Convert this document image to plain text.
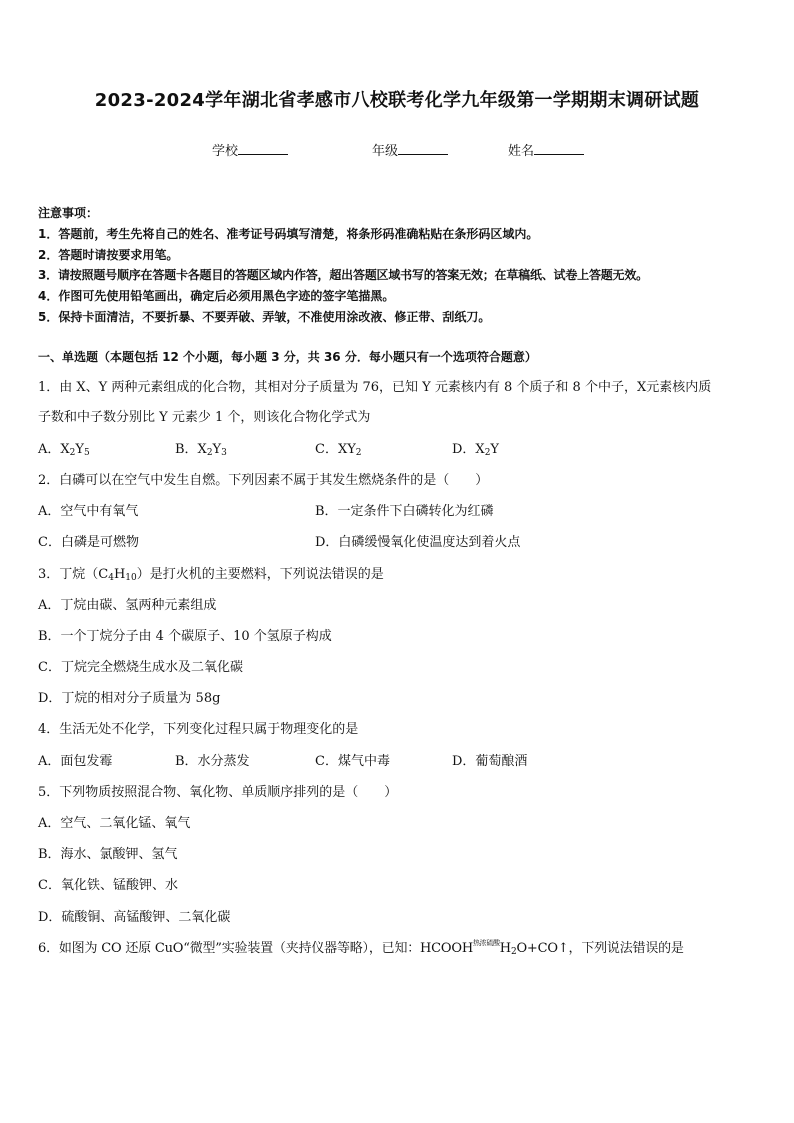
2023-2024学年湖北省孝感市八校联考化学九年级第一学期期末调研试题
学校	年级	姓名
注意事项：
1．答题前，考生先将自己的姓名、准考证号码填写清楚，将条形码准确粘贴在条形码区域内。
2．答题时请按要求用笔。
3．请按照题号顺序在答题卡各题目的答题区域内作答，超出答题区域书写的答案无效；在草稿纸、试卷上答题无效。
4．作图可先使用铅笔画出，确定后必须用黑色字迹的签字笔描黑。
5．保持卡面清洁，不要折暴、不要弄破、弄皱，不准使用涂改液、修正带、刮纸刀。
一、单选题（本题包括 12 个小题，每小题 3 分，共 36 分．每小题只有一个选项符合题意）
1．由 X、Y 两种元素组成的化合物，其相对分子质量为 76，已知 Y 元素核内有 8 个质子和 8 个中子，X元素核内质
子数和中子数分别比 Y 元素少 1 个，则该化合物化学式为
A．$X_2Y_5$	B．$X_2Y_3$	C．$XY_2$	D．$X_2Y$
2．白磷可以在空气中发生自燃。下列因素不属于其发生燃烧条件的是（　　）
A．空气中有氧气	B．一定条件下白磷转化为红磷
C．白磷是可燃物	D．白磷缓慢氧化使温度达到着火点
3．丁烷$(C_4H_{10})$是打火机的主要燃料，下列说法错误的是
A．丁烷由碳、氢两种元素组成
B．一个丁烷分子由 4 个碳原子、10 个氢原子构成
C．丁烷完全燃烧生成水及二氧化碳
D．丁烷的相对分子质量为 58g
4．生活无处不化学，下列变化过程只属于物理变化的是
A．面包发霉	B．水分蒸发	C．煤气中毒	D．葡萄酿酒
5．下列物质按照混合物、氧化物、单质顺序排列的是（　　）
A．空气、二氧化锰、氧气
B．海水、氯酸钾、氢气
C．氧化铁、锰酸钾、水
D．硫酸铜、高锰酸钾、二氧化碳
6．如图为 CO 还原 CuO“微型”实验装置（夹持仪器等略），已知：$HCOOH^{热浓硫酸}H_2O+CO↑$，下列说法错误的是
